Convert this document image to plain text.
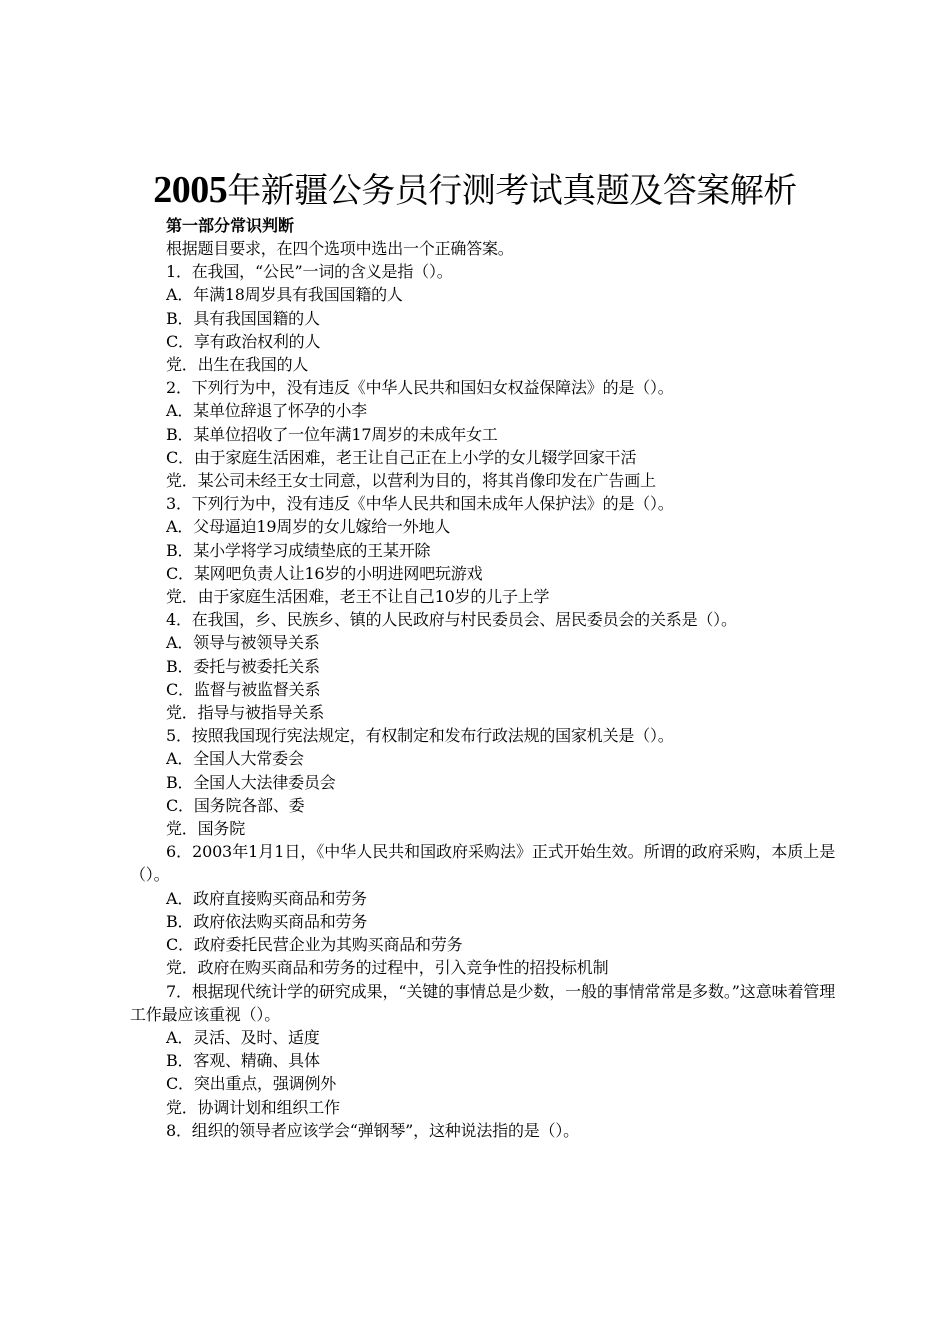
2005年新疆公务员行测考试真题及答案解析

第一部分常识判断

根据题目要求，在四个选项中选出一个正确答案。

1．在我国，“公民”一词的含义是指（）。

A．年满18周岁具有我国国籍的人

B．具有我国国籍的人

C．享有政治权利的人

党．出生在我国的人

2．下列行为中，没有违反《中华人民共和国妇女权益保障法》的是（）。

A．某单位辞退了怀孕的小李

B．某单位招收了一位年满17周岁的未成年女工

C．由于家庭生活困难，老王让自己正在上小学的女儿辍学回家干活

党．某公司未经王女士同意，以营利为目的，将其肖像印发在广告画上

3．下列行为中，没有违反《中华人民共和国未成年人保护法》的是（）。

A．父母逼迫19周岁的女儿嫁给一外地人

B．某小学将学习成绩垫底的王某开除

C．某网吧负责人让16岁的小明进网吧玩游戏

党．由于家庭生活困难，老王不让自己10岁的儿子上学

4．在我国，乡、民族乡、镇的人民政府与村民委员会、居民委员会的关系是（）。

A．领导与被领导关系

B．委托与被委托关系

C．监督与被监督关系

党．指导与被指导关系

5．按照我国现行宪法规定，有权制定和发布行政法规的国家机关是（）。

A．全国人大常委会

B．全国人大法律委员会

C．国务院各部、委

党．国务院

6．2003年1月1日，《中华人民共和国政府采购法》正式开始生效。所谓的政府采购，本质上是（）。

A．政府直接购买商品和劳务

B．政府依法购买商品和劳务

C．政府委托民营企业为其购买商品和劳务

党．政府在购买商品和劳务的过程中，引入竞争性的招投标机制

7．根据现代统计学的研究成果，“关键的事情总是少数，一般的事情常常是多数。”这意味着管理工作最应该重视（）。

A．灵活、及时、适度

B．客观、精确、具体

C．突出重点，强调例外

党．协调计划和组织工作

8．组织的领导者应该学会“弹钢琴”，这种说法指的是（）。
